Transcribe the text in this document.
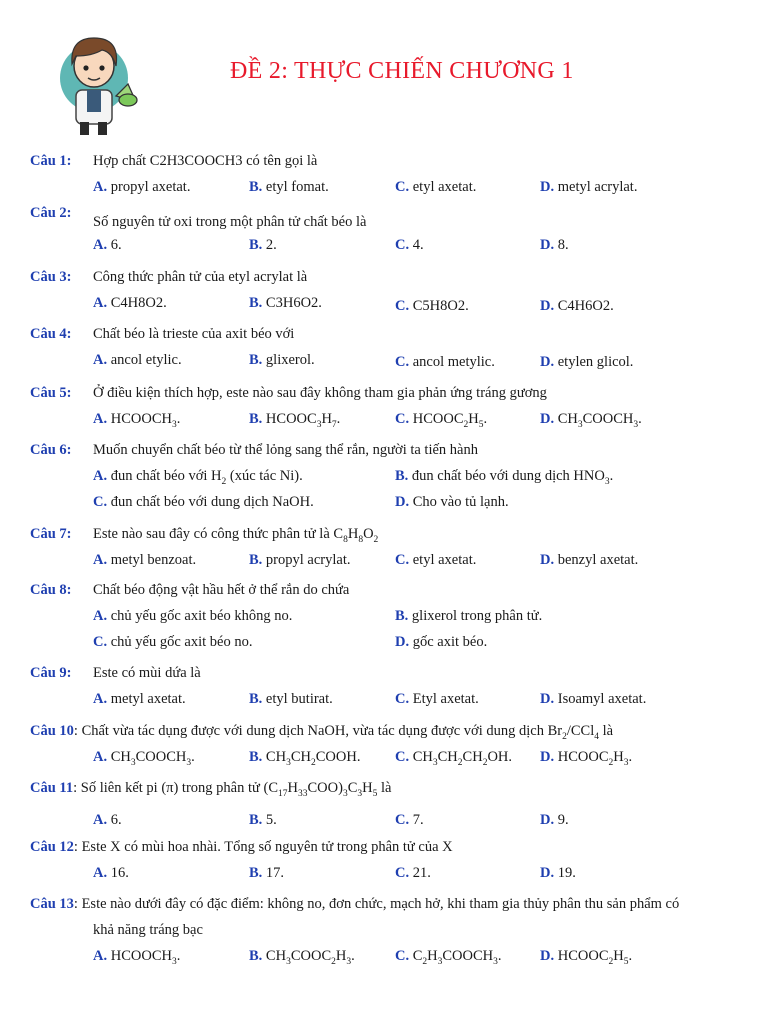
ĐỀ 2: THỰC CHIẾN CHƯƠNG 1
Câu 1: Hợp chất C2H3COOCH3 có tên gọi là
A. propyl axetat.	B. etyl fomat.	C. etyl axetat.	D. metyl acrylat.
Câu 2:
Số nguyên tử oxi trong một phân tử chất béo là
A. 6.	B. 2.	C. 4.	D. 8.
Câu 3: Công thức phân tử của etyl acrylat là
A. C4H8O2.	B. C3H6O2.	C. C5H8O2.	D. C4H6O2.
Câu 4: Chất béo là trieste của axit béo với
A. ancol etylic.	B. glixerol.	C. ancol metylic.	D. etylen glicol.
Câu 5: Ở điều kiện thích hợp, este nào sau đây không tham gia phản ứng tráng gương
A. $HCOOCH_3$.	B. $HCOOC_3H_7$.	C. $HCOOC_2H_5$.	D. $CH_3COOCH_3$.
Câu 6: Muốn chuyển chất béo từ thể lỏng sang thể rắn, người ta tiến hành
A. đun chất béo với $H_2$ (xúc tác Ni).	B. đun chất béo với dung dịch $HNO_3$.
C. đun chất béo với dung dịch NaOH.	D. Cho vào tủ lạnh.
Câu 7: Este nào sau đây có công thức phân tử là $C_8H_8O_2$
A. metyl benzoat.	B. propyl acrylat.	C. etyl axetat.	D. benzyl axetat.
Câu 8: Chất béo động vật hầu hết ở thể rắn do chứa
A. chủ yếu gốc axit béo không no.	B. glixerol trong phân tử.
C. chủ yếu gốc axit béo no.	D. gốc axit béo.
Câu 9: Este có mùi dứa là
A. metyl axetat.	B. etyl butirat.	C. Etyl axetat.	D. Isoamyl axetat.
Câu 10: Chất vừa tác dụng được với dung dịch NaOH, vừa tác dụng được với dung dịch $Br_2/CCl_4$ là
A. $CH_3COOCH_3$.	B. $CH_3CH_2COOH$. C. $CH_3CH_2CH_2OH$. D. $HCOOC_2H_3$.
Câu 11: Số liên kết pi (π) trong phân tử $(C_{17}H_{33}COO)_3C_3H_5$ là
A. 6.	B. 5.	C. 7.	D. 9.
Câu 12: Este X có mùi hoa nhài. Tổng số nguyên tử trong phân tử của X
A. 16.	B. 17.	C. 21.	D. 19.
Câu 13: Este nào dưới đây có đặc điểm: không no, đơn chức, mạch hở, khi tham gia thủy phân thu sản phẩm có
khả năng tráng bạc
A. $HCOOCH_3$.	B. $CH_3COOC_2H_3$.	C. $C_2H_3COOCH_3$.	D. $HCOOC_2H_5$.
